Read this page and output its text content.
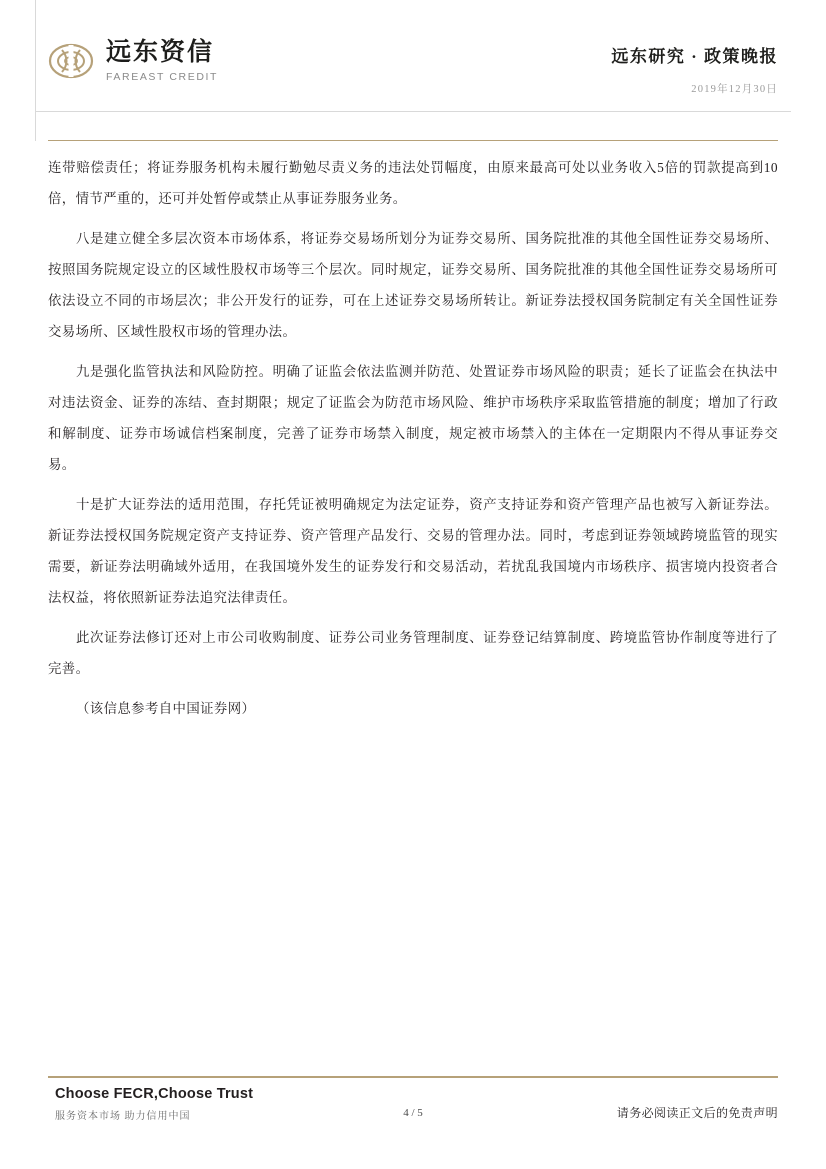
远东资信
FAREAST CREDIT
远东研究 · 政策晚报
2019年12月30日

连带赔偿责任；将证券服务机构未履行勤勉尽责义务的违法处罚幅度，由原来最高可处以业务收入5倍的罚款提高到10倍，情节严重的，还可并处暂停或禁止从事证券服务业务。

八是建立健全多层次资本市场体系，将证券交易场所划分为证券交易所、国务院批准的其他全国性证券交易场所、按照国务院规定设立的区域性股权市场等三个层次。同时规定，证券交易所、国务院批准的其他全国性证券交易场所可依法设立不同的市场层次；非公开发行的证券，可在上述证券交易场所转让。新证券法授权国务院制定有关全国性证券交易场所、区域性股权市场的管理办法。

九是强化监管执法和风险防控。明确了证监会依法监测并防范、处置证券市场风险的职责；延长了证监会在执法中对违法资金、证券的冻结、查封期限；规定了证监会为防范市场风险、维护市场秩序采取监管措施的制度；增加了行政和解制度、证券市场诚信档案制度，完善了证券市场禁入制度，规定被市场禁入的主体在一定期限内不得从事证券交易。

十是扩大证券法的适用范围，存托凭证被明确规定为法定证券，资产支持证券和资产管理产品也被写入新证券法。新证券法授权国务院规定资产支持证券、资产管理产品发行、交易的管理办法。同时，考虑到证券领域跨境监管的现实需要，新证券法明确域外适用，在我国境外发生的证券发行和交易活动，若扰乱我国境内市场秩序、损害境内投资者合法权益，将依照新证券法追究法律责任。

此次证券法修订还对上市公司收购制度、证券公司业务管理制度、证券登记结算制度、跨境监管协作制度等进行了完善。

（该信息参考自中国证券网）

Choose FECR,Choose Trust
服务资本市场 助力信用中国	4 / 5	请务必阅读正文后的免责声明
